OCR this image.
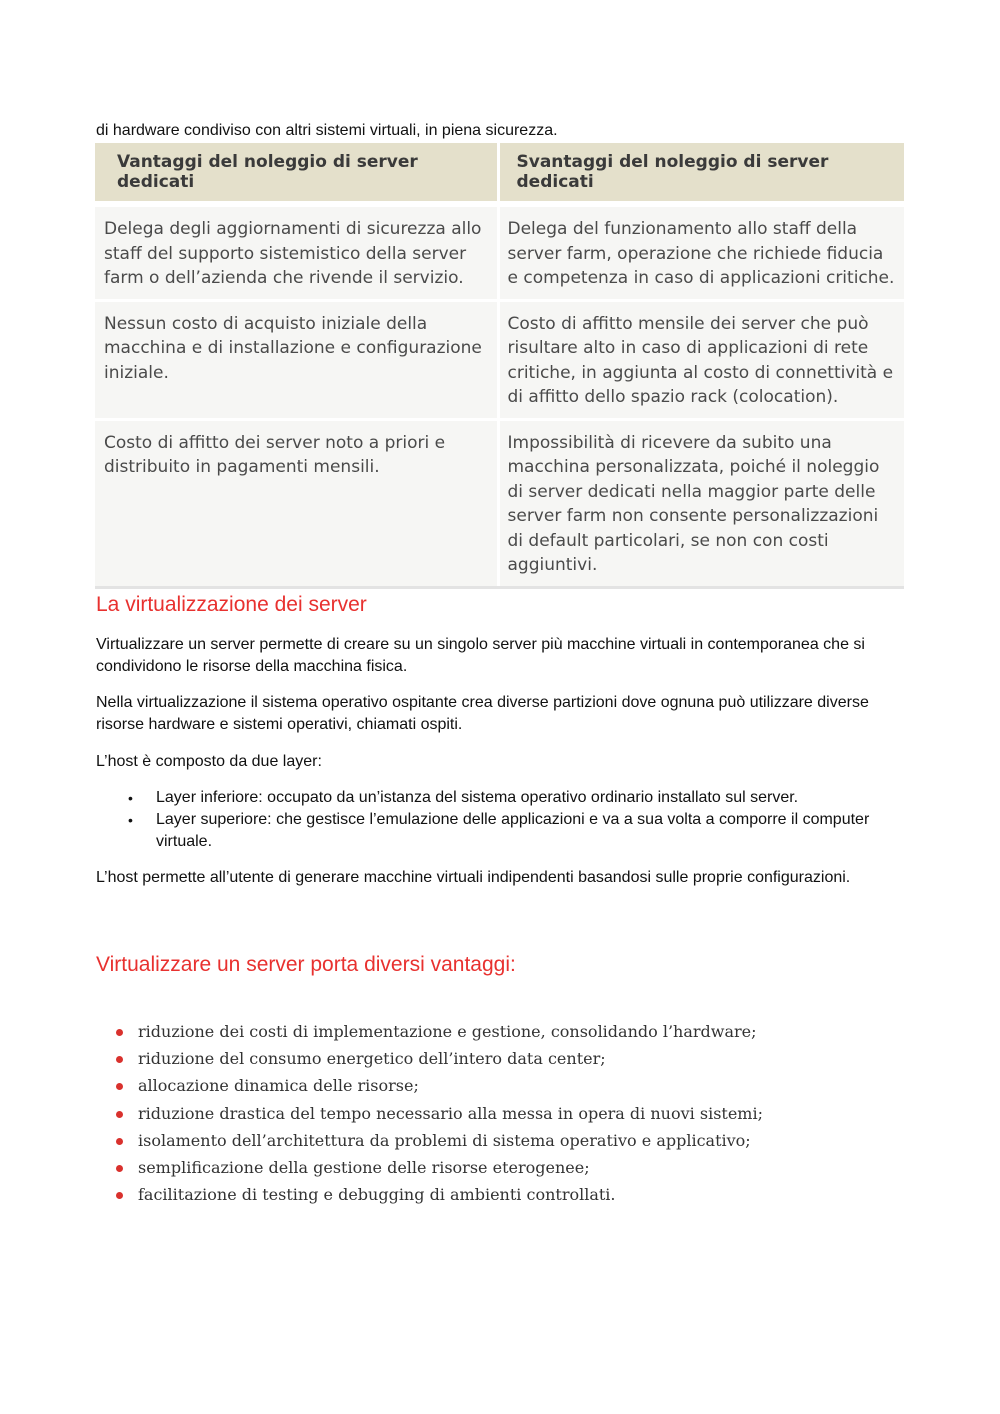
di hardware condiviso con altri sistemi virtuali, in piena sicurezza.

Vantaggi del noleggio di server dedicati	Svantaggi del noleggio di server dedicati
Delega degli aggiornamenti di sicurezza allo staff del supporto sistemistico della server farm o dell’azienda che rivende il servizio.	Delega del funzionamento allo staff della server farm, operazione che richiede fiducia e competenza in caso di applicazioni critiche.
Nessun costo di acquisto iniziale della macchina e di installazione e configurazione iniziale.	Costo di affitto mensile dei server che può risultare alto in caso di applicazioni di rete critiche, in aggiunta al costo di connettività e di affitto dello spazio rack (colocation).
Costo di affitto dei server noto a priori e distribuito in pagamenti mensili.	Impossibilità di ricevere da subito una macchina personalizzata, poiché il noleggio di server dedicati nella maggior parte delle server farm non consente personalizzazioni di default particolari, se non con costi aggiuntivi.
La virtualizzazione dei server

Virtualizzare un server permette di creare su un singolo server più macchine virtuali in contemporanea che si condividono le risorse della macchina fisica.

Nella virtualizzazione il sistema operativo ospitante crea diverse partizioni dove ognuna può utilizzare diverse risorse hardware e sistemi operativi, chiamati ospiti.

L’host è composto da due layer:

• Layer inferiore: occupato da un’istanza del sistema operativo ordinario installato sul server.
• Layer superiore: che gestisce l’emulazione delle applicazioni e va a sua volta a comporre il computer virtuale.

L’host permette all’utente di generare macchine virtuali indipendenti basandosi sulle proprie configurazioni.

Virtualizzare un server porta diversi vantaggi:
riduzione dei costi di implementazione e gestione, consolidando l’hardware;
riduzione del consumo energetico dell’intero data center;
allocazione dinamica delle risorse;
riduzione drastica del tempo necessario alla messa in opera di nuovi sistemi;
isolamento dell’architettura da problemi di sistema operativo e applicativo;
semplificazione della gestione delle risorse eterogenee;
facilitazione di testing e debugging di ambienti controllati.
